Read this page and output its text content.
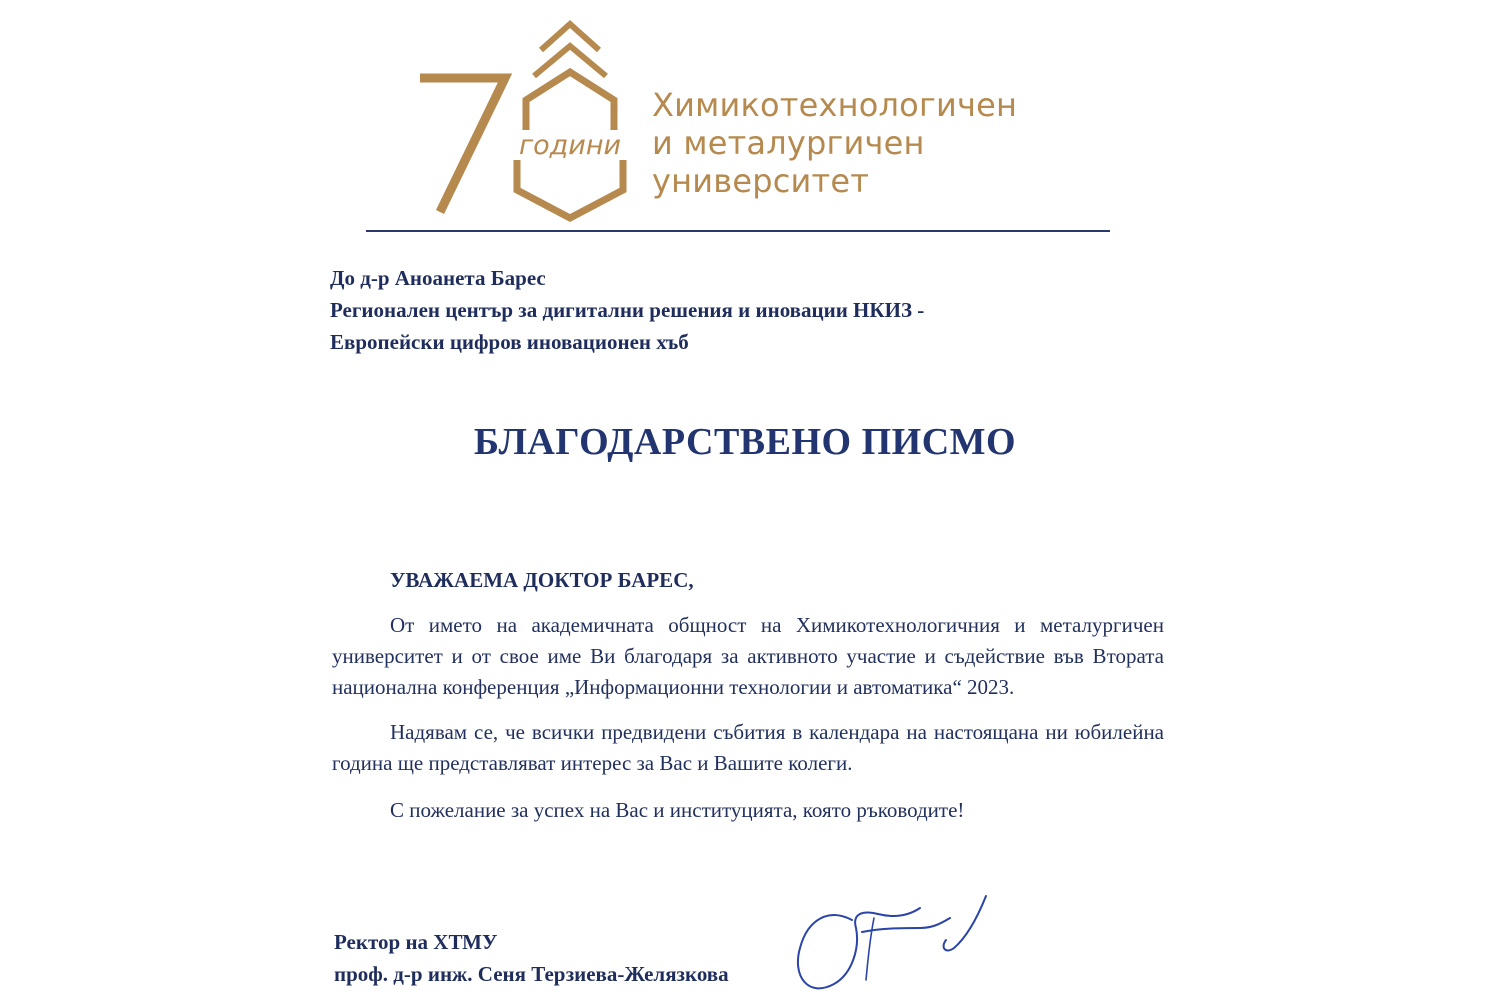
години
Химикотехнологичен
и металургичен
университет
До д-р Аноанета Барес
Регионален център за дигитални решения и иновации НКИЗ -
Европейски цифров иновационен хъб
БЛАГОДАРСТВЕНО ПИСМО
УВАЖАЕМА ДОКТОР БАРЕС,

От името на академичната общност на Химикотехнологичния и металургичен университет и от свое име Ви благодаря за активното участие и съдействие във Втората национална конференция „Информационни технологии и автоматика“ 2023.

Надявам се, че всички предвидени събития в календара на настоящана ни юбилейна година ще представляват интерес за Вас и Вашите колеги.

С пожелание за успех на Вас и институцията, която ръководите!

Ректор на ХТМУ
проф. д-р инж. Сеня Терзиева-Желязкова
